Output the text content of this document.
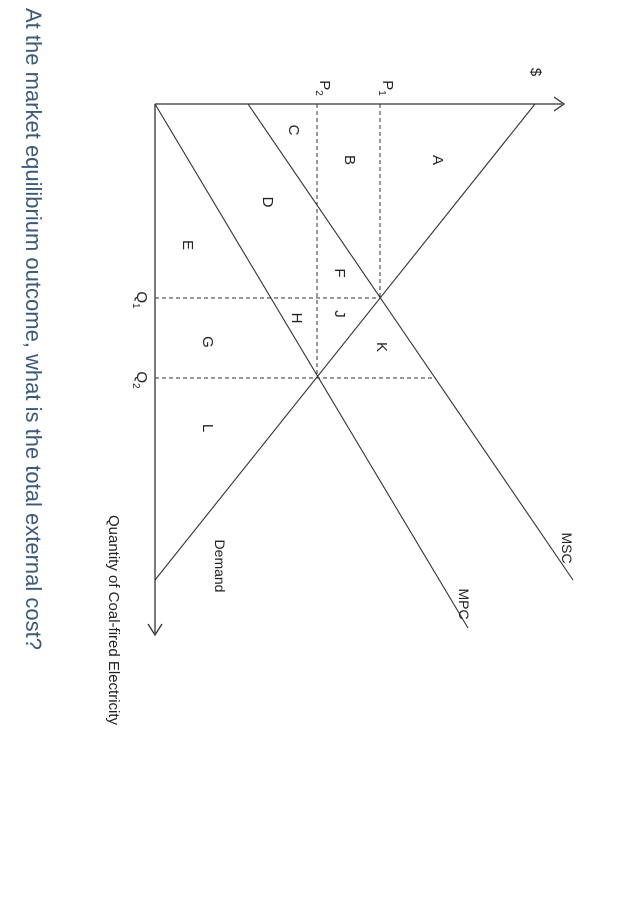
$
Quantity of Coal-fired Electricity
$P_1$
$P_2$
$Q_1$
$Q_2$
MSC
MPC
Demand
A
B
C
D
E
F
J
H
G	K
L
At the market equilibrium outcome, what is the total external cost?
